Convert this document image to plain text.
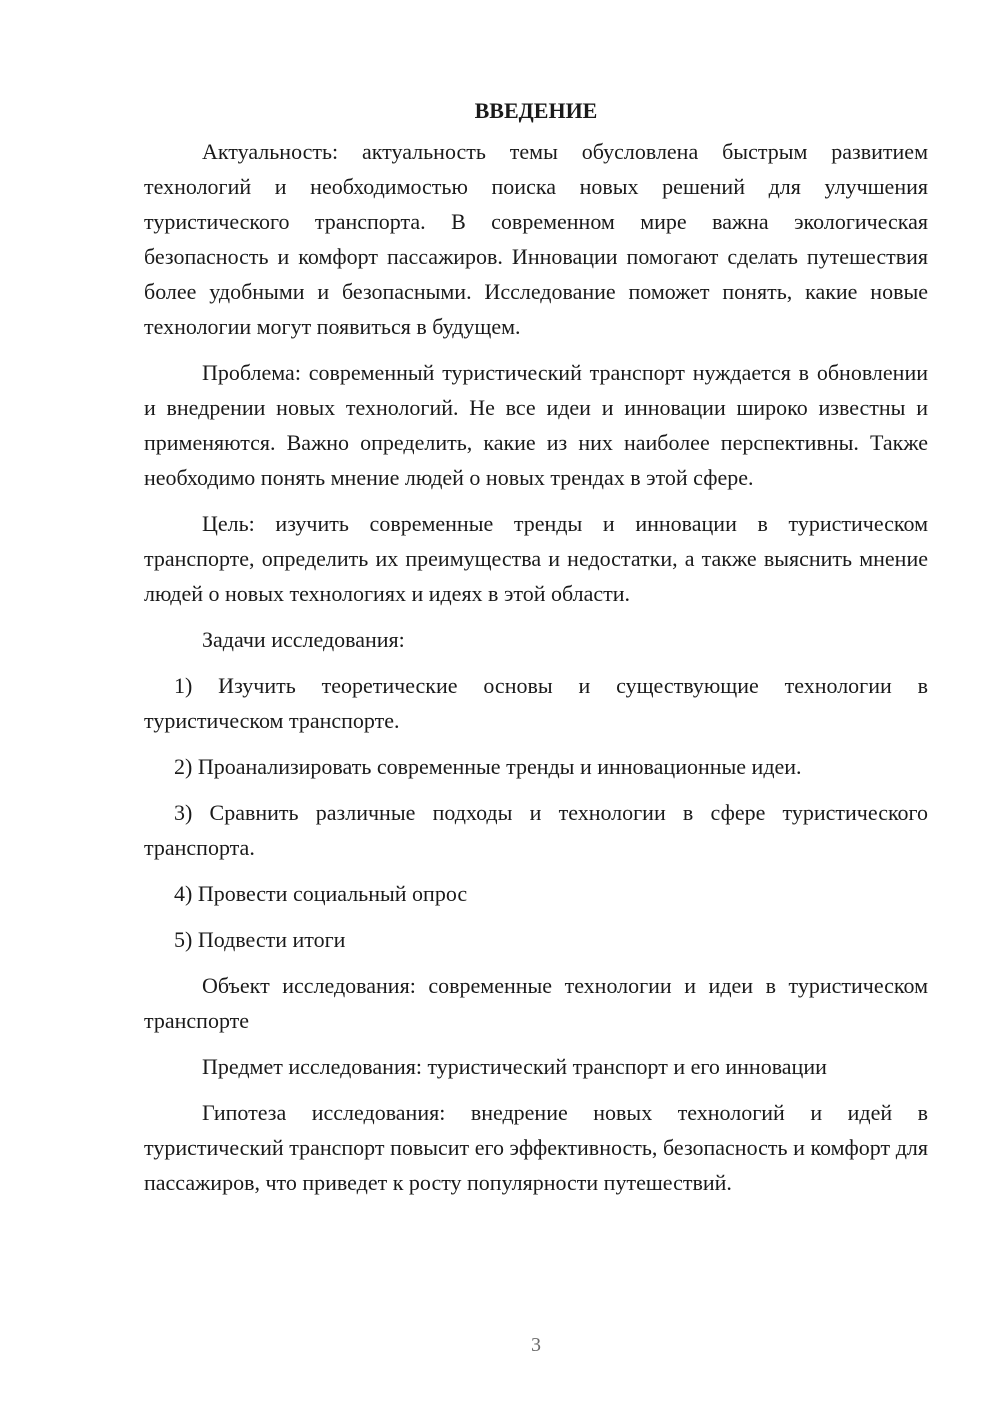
ВВЕДЕНИЕ

Актуальность: актуальность темы обусловлена быстрым развитием технологий и необходимостью поиска новых решений для улучшения туристического транспорта. В современном мире важна экологическая безопасность и комфорт пассажиров. Инновации помогают сделать путешествия более удобными и безопасными. Исследование поможет понять, какие новые технологии могут появиться в будущем.

Проблема: современный туристический транспорт нуждается в обновлении и внедрении новых технологий. Не все идеи и инновации широко известны и применяются. Важно определить, какие из них наиболее перспективны. Также необходимо понять мнение людей о новых трендах в этой сфере.

Цель: изучить современные тренды и инновации в туристическом транспорте, определить их преимущества и недостатки, а также выяснить мнение людей о новых технологиях и идеях в этой области.

Задачи исследования:

1) Изучить теоретические основы и существующие технологии в туристическом транспорте.

2) Проанализировать современные тренды и инновационные идеи.

3) Сравнить различные подходы и технологии в сфере туристического транспорта.

4) Провести социальный опрос

5) Подвести итоги

Объект исследования: современные технологии и идеи в туристическом транспорте

Предмет исследования: туристический транспорт и его инновации

Гипотеза исследования: внедрение новых технологий и идей в туристический транспорт повысит его эффективность, безопасность и комфорт для пассажиров, что приведет к росту популярности путешествий.

3
